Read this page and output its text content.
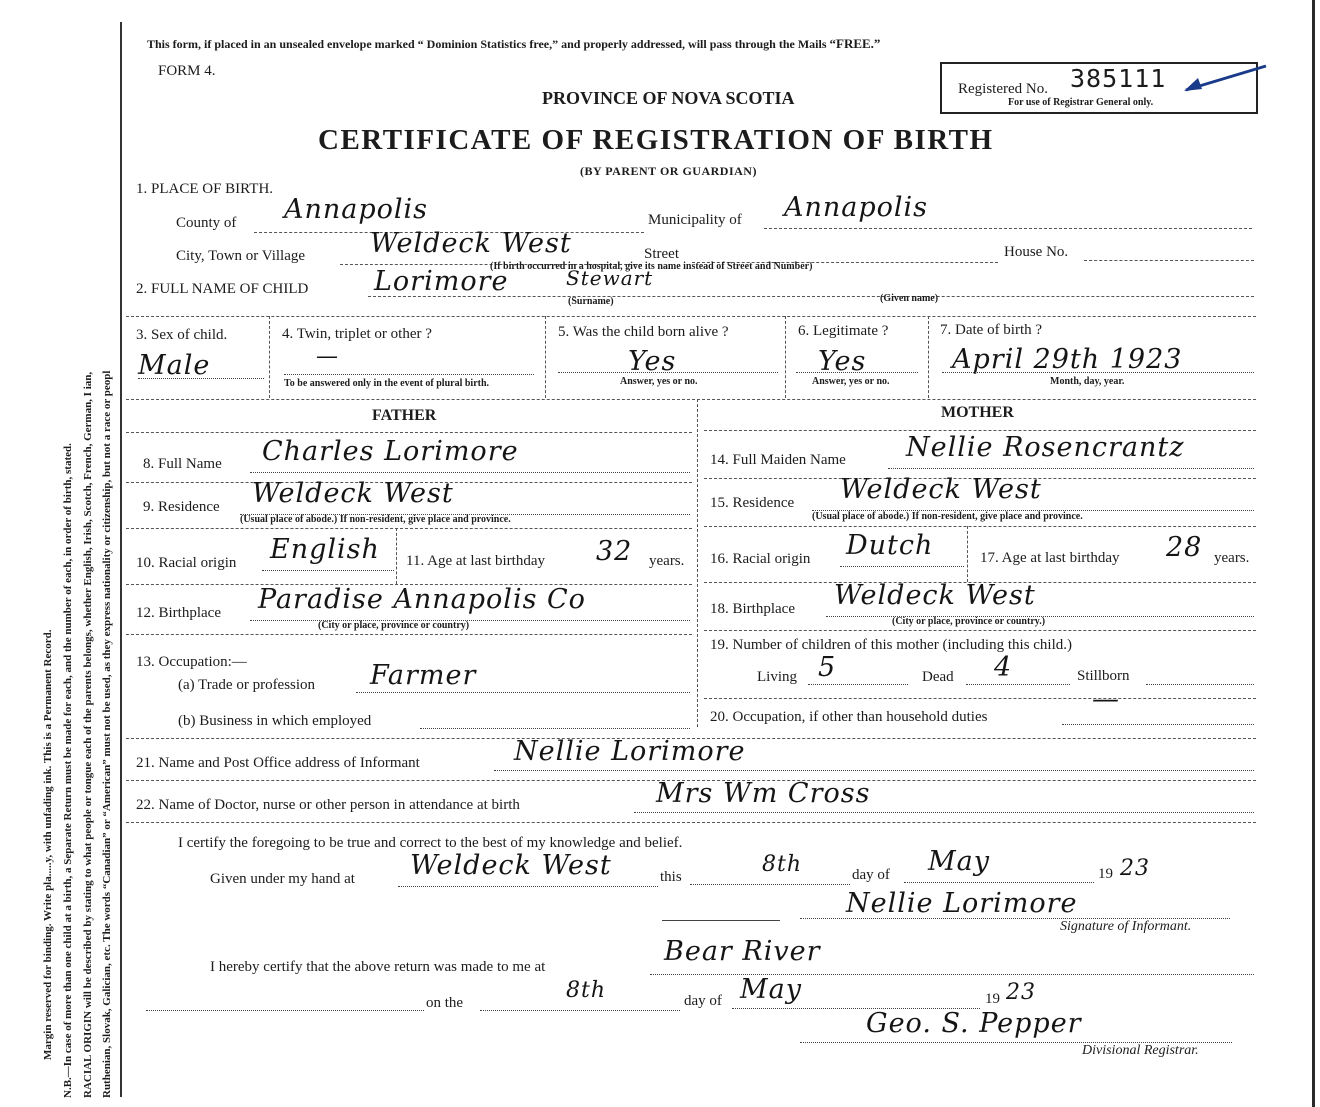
Margin reserved for binding. Write pla.....y, with unfading ink. This is a Permanent Record. N.B.—In case of more than one child at a birth, a Separate Return must be made for each, and the number of each, in order of birth, stated. RACIAL ORIGIN will be described by stating to what people or tongue each of the parents belongs, whether English, Irish, Scotch, French, German, I ian, Ruthenian, Slovak, Galician, etc. The words “Canadian” or “American” must not be used, as they express nationality or citizenship, but not a race or peopl
This form, if placed in an unsealed envelope marked “ Dominion Statistics free,” and properly addressed, will pass through the Mails “FREE.”
FORM 4.
PROVINCE OF NOVA SCOTIA
CERTIFICATE OF REGISTRATION OF BIRTH
(BY PARENT OR GUARDIAN)
Registered No. 385111
For use of Registrar General only.
1. PLACE OF BIRTH.
County of Annapolis	Municipality of Annapolis
City, Town or Village Weldeck West	Street
(If birth occurred in a hospital, give its name instead of Street and Number)
House No.
2. FULL NAME OF CHILD Lorimore	Stewart
(Surname)	(Given name)
3. Sex of child.
Male
4. Twin, triplet or other ?
—
To be answered only in the event of plural birth.
5. Was the child born alive ?
Yes
Answer, yes or no.
6. Legitimate ?
Yes
Answer, yes or no.
7. Date of birth ?
April 29th 1923
Month, day, year.
FATHER	MOTHER
8. Full Name Charles Lorimore
9. Residence Weldeck West
(Usual place of abode.) If non-resident, give place and province.
10. Racial origin English 11. Age at last birthday 32 years.
12. Birthplace Paradise Annapolis Co
(City or place, province or country)
13. Occupation:—
(a) Trade or profession Farmer
(b) Business in which employed
14. Full Maiden Name Nellie Rosencrantz
15. Residence Weldeck West
(Usual place of abode.) If non-resident, give place and province.
16. Racial origin Dutch	17. Age at last birthday 28 years.
18. Birthplace Weldeck West
(City or place, province or country.)
19. Number of children of this mother (including this child.)
Living 5	Dead 4	Stillborn
20. Occupation, if other than household duties
—
21. Name and Post Office address of Informant	Nellie Lorimore
22. Name of Doctor, nurse or other person in attendance at birth	Mrs Wm Cross
I certify the foregoing to be true and correct to the best of my knowledge and belief.
Given under my hand at Weldeck West	this	8th	day of May	19 23
Nellie Lorimore
Signature of Informant.
I hereby certify that the above return was made to me at	Bear River
on the	8th	day of May	19 23
Geo. S. Pepper
Divisional Registrar.
